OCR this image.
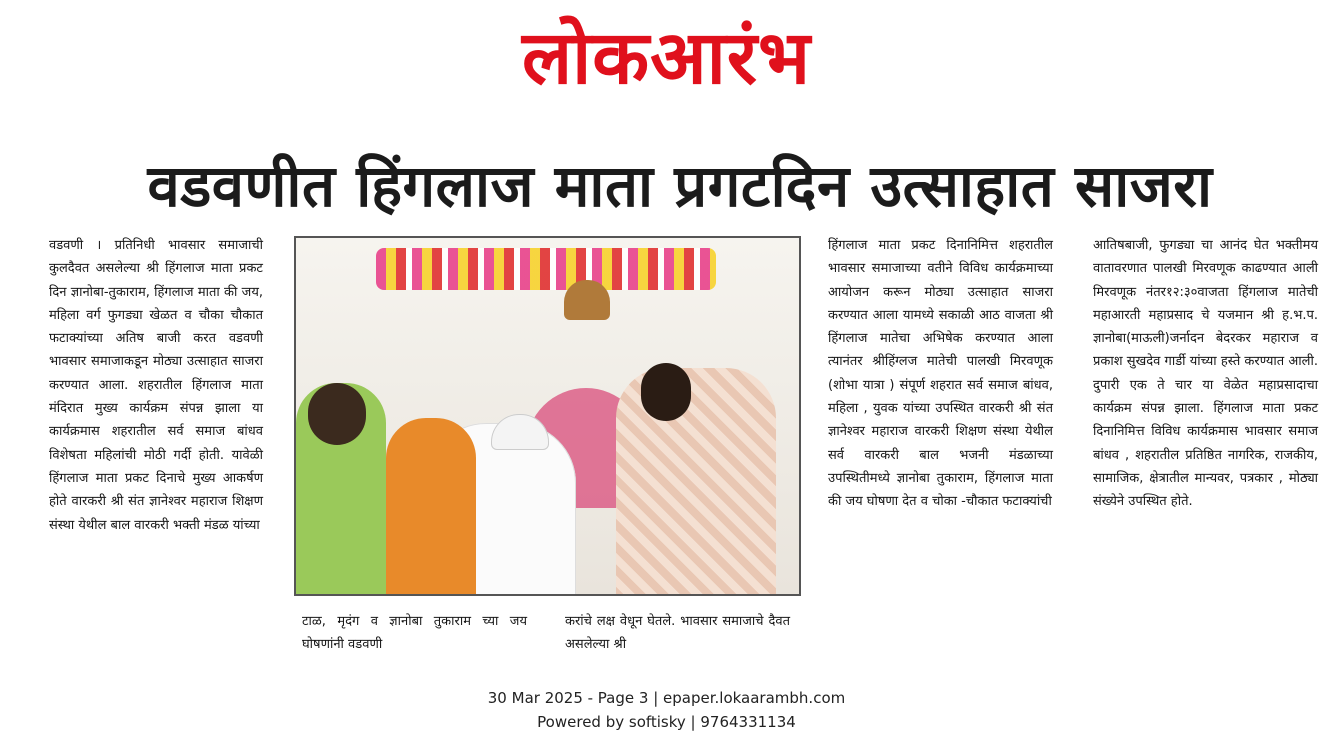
लोकआरंभ
वडवणीत हिंगलाज माता प्रगटदिन उत्साहात साजरा

वडवणी । प्रतिनिधी भावसार समाजाची कुलदैवत असलेल्या श्री हिंगलाज माता प्रकट दिन ज्ञानोबा-तुकाराम, हिंगलाज माता की जय, महिला वर्ग फुगड्या खेळत व चौका चौकात फटाक्यांच्या अतिष बाजी करत वडवणी भावसार समाजाकडून मोठ्या उत्साहात साजरा करण्यात आला. शहरातील हिंगलाज माता मंदिरात मुख्य कार्यक्रम संपन्न झाला या कार्यक्रमास शहरातील सर्व समाज बांधव विशेषता महिलांची मोठी गर्दी होती. यावेळी हिंगलाज माता प्रकट दिनाचे मुख्य आकर्षण होते वारकरी श्री संत ज्ञानेश्वर महाराज शिक्षण संस्था येथील बाल वारकरी भक्ती मंडळ यांच्या

टाळ, मृदंग व ज्ञानोबा तुकाराम च्या जय घोषणांनी वडवणी

करांचे लक्ष वेधून घेतले. भावसार समाजाचे दैवत असलेल्या श्री

हिंगलाज माता प्रकट दिनानिमित्त शहरातील भावसार समाजाच्या वतीने विविध कार्यक्रमाच्या आयोजन करून मोठ्या उत्साहात साजरा करण्यात आला यामध्ये सकाळी आठ वाजता श्री हिंगलाज मातेचा अभिषेक करण्यात आला त्यानंतर श्रीहिंग्लज मातेची पालखी मिरवणूक (शोभा यात्रा ) संपूर्ण शहरात सर्व समाज बांधव, महिला , युवक यांच्या उपस्थित वारकरी श्री संत ज्ञानेश्वर महाराज वारकरी शिक्षण संस्था येथील सर्व वारकरी बाल भजनी मंडळाच्या उपस्थितीमध्ये ज्ञानोबा तुकाराम, हिंगलाज माता की जय घोषणा देत व चोका -चौकात फटाक्यांची

आतिषबाजी, फुगड्या चा आनंद घेत भक्तीमय वातावरणात पालखी मिरवणूक काढण्यात आली मिरवणूक नंतर१२:३०वाजता हिंगलाज मातेची महाआरती महाप्रसाद चे यजमान श्री ह.भ.प. ज्ञानोबा(माऊली)जर्नादन बेदरकर महाराज व प्रकाश सुखदेव गार्डी यांच्या हस्ते करण्यात आली. दुपारी एक ते चार या वेळेत महाप्रसादाचा कार्यक्रम संपन्न झाला. हिंगलाज माता प्रकट दिनानिमित्त विविध कार्यक्रमास भावसार समाज बांधव , शहरातील प्रतिष्ठित नागरिक, राजकीय, सामाजिक, क्षेत्रातील मान्यवर, पत्रकार , मोठ्या संख्येने उपस्थित होते.

30 Mar 2025 - Page 3 | epaper.lokaarambh.com
Powered by softisky | 9764331134
